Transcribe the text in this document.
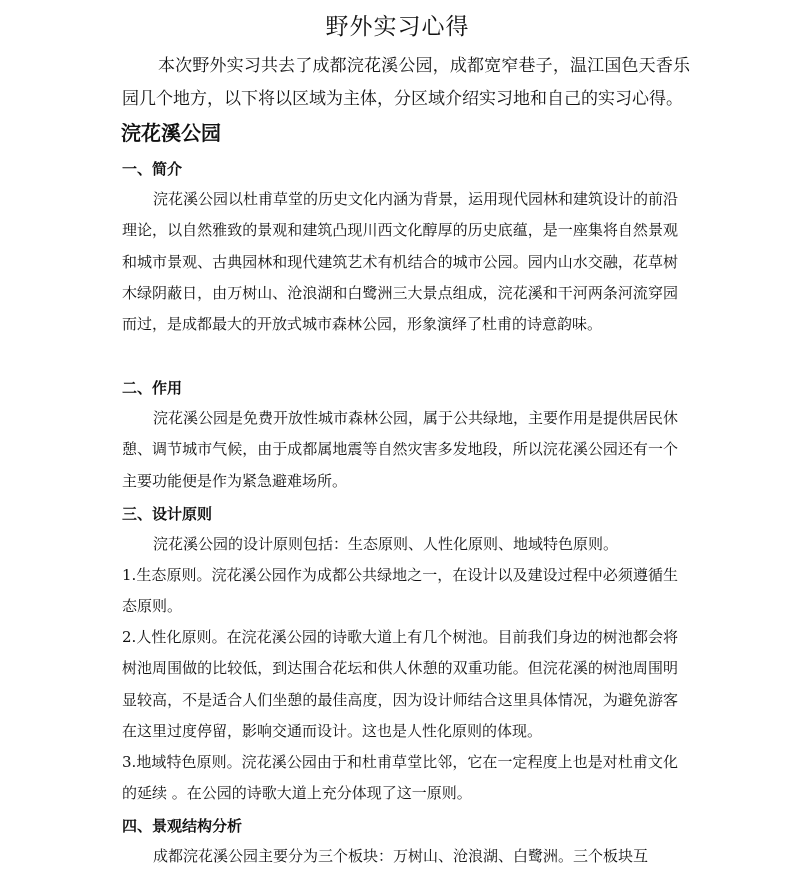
野外实习心得

本次野外实习共去了成都浣花溪公园，成都宽窄巷子，温江国色天香乐园几个地方，以下将以区域为主体，分区域介绍实习地和自己的实习心得。

浣花溪公园
一、简介

浣花溪公园以杜甫草堂的历史文化内涵为背景，运用现代园林和建筑设计的前沿理论，以自然雅致的景观和建筑凸现川西文化醇厚的历史底蕴，是一座集将自然景观和城市景观、古典园林和现代建筑艺术有机结合的城市公园。园内山水交融，花草树木绿阴蔽日，由万树山、沧浪湖和白鹭洲三大景点组成，浣花溪和干河两条河流穿园而过，是成都最大的开放式城市森林公园，形象演绎了杜甫的诗意韵味。

二、作用

浣花溪公园是免费开放性城市森林公园，属于公共绿地，主要作用是提供居民休憩、调节城市气候，由于成都属地震等自然灾害多发地段，所以浣花溪公园还有一个主要功能便是作为紧急避难场所。

三、设计原则

浣花溪公园的设计原则包括：生态原则、人性化原则、地域特色原则。

1.生态原则。浣花溪公园作为成都公共绿地之一，在设计以及建设过程中必须遵循生态原则。

2.人性化原则。在浣花溪公园的诗歌大道上有几个树池。目前我们身边的树池都会将树池周围做的比较低，到达围合花坛和供人休憩的双重功能。但浣花溪的树池周围明显较高，不是适合人们坐憩的最佳高度，因为设计师结合这里具体情况，为避免游客在这里过度停留，影响交通而设计。这也是人性化原则的体现。

3.地域特色原则。浣花溪公园由于和杜甫草堂比邻，它在一定程度上也是对杜甫文化的延续 。在公园的诗歌大道上充分体现了这一原则。

四、景观结构分析

成都浣花溪公园主要分为三个板块：万树山、沧浪湖、白鹭洲。三个板块互
